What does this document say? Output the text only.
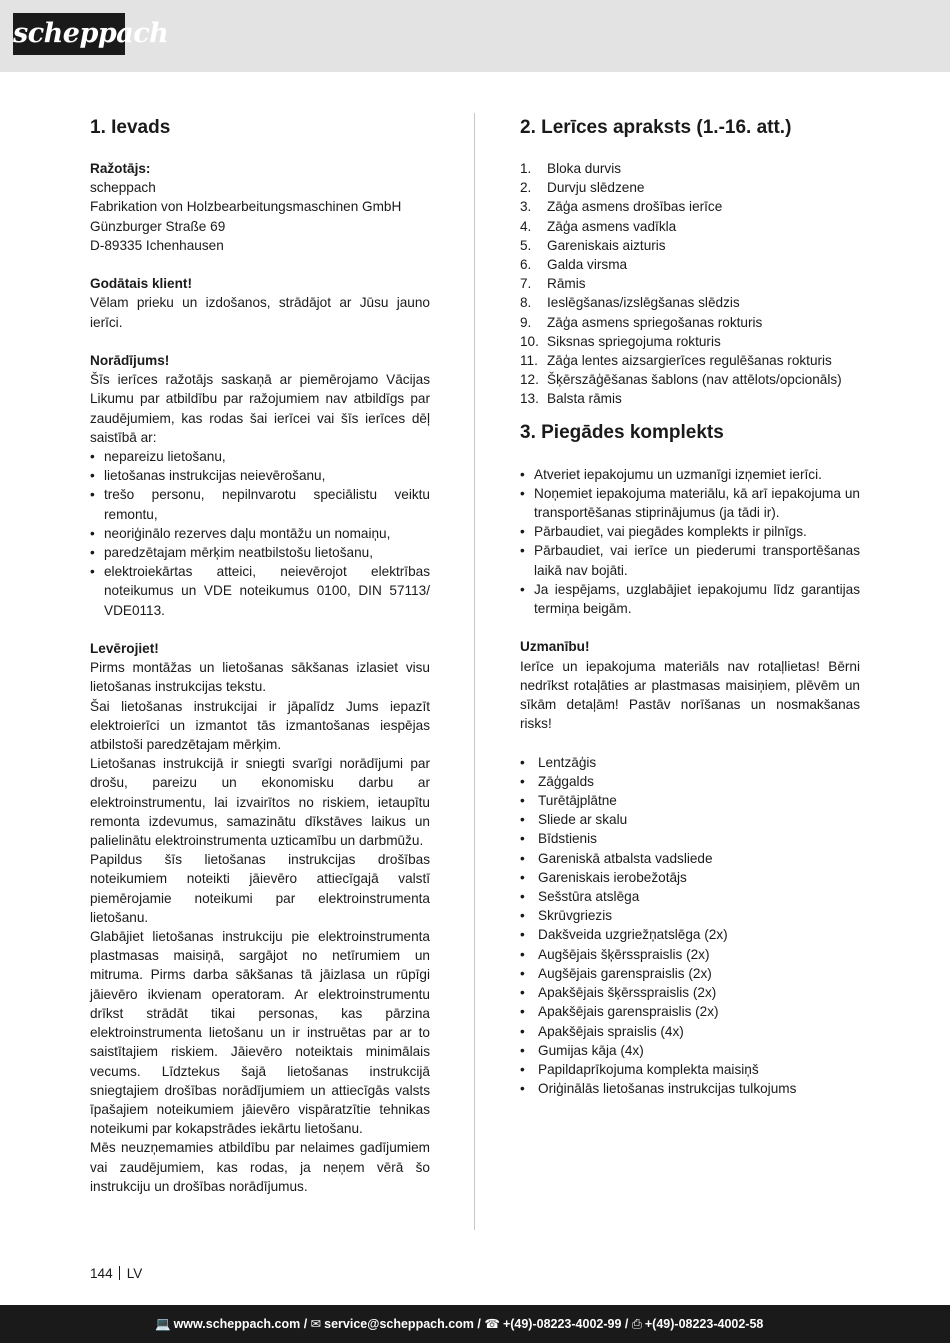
scheppach
1. Ievads

Ražotājs:

scheppach

Fabrikation von Holzbearbeitungsmaschinen GmbH

Günzburger Straße 69

D-89335 Ichenhausen

Godātais klient!

Vēlam prieku un izdošanos, strādājot ar Jūsu jauno ierīci.

Norādījums!

Šīs ierīces ražotājs saskaņā ar piemērojamo Vācijas Likumu par atbildību par ražojumiem nav atbildīgs par zaudējumiem, kas rodas šai ierīcei vai šīs ierīces dēļ saistībā ar:

• nepareizu lietošanu,
• lietošanas instrukcijas neievērošanu,
• trešo personu, nepilnvarotu speciālistu veiktu remontu,
• neoriģinālo rezerves daļu montāžu un nomaiņu,
• paredzētajam mērķim neatbilstošu lietošanu,
• elektroiekārtas atteici, neievērojot elektrības noteikumus un VDE noteikumus 0100, DIN 57113/ VDE0113.

Levērojiet!

Pirms montāžas un lietošanas sākšanas izlasiet visu lietošanas instrukcijas tekstu.

Šai lietošanas instrukcijai ir jāpalīdz Jums iepazīt elektroierīci un izmantot tās izmantošanas iespējas atbilstoši paredzētajam mērķim.

Lietošanas instrukcijā ir sniegti svarīgi norādījumi par drošu, pareizu un ekonomisku darbu ar elektroinstrumentu, lai izvairītos no riskiem, ietaupītu remonta izdevumus, samazinātu dīkstāves laikus un palielinātu elektroinstrumenta uzticamību un darbmūžu.

Papildus šīs lietošanas instrukcijas drošības noteikumiem noteikti jāievēro attiecīgajā valstī piemērojamie noteikumi par elektroinstrumenta lietošanu.

Glabājiet lietošanas instrukciju pie elektroinstrumenta plastmasas maisiņā, sargājot no netīrumiem un mitruma. Pirms darba sākšanas tā jāizlasa un rūpīgi jāievēro ikvienam operatoram. Ar elektroinstrumentu drīkst strādāt tikai personas, kas pārzina elektroinstrumenta lietošanu un ir instruētas par ar to saistītajiem riskiem. Jāievēro noteiktais minimālais vecums. Līdztekus šajā lietošanas instrukcijā sniegtajiem drošības norādījumiem un attiecīgās valsts īpašajiem noteikumiem jāievēro vispāratzītie tehnikas noteikumi par kokapstrādes iekārtu lietošanu.

Mēs neuzņemamies atbildību par nelaimes gadījumiem vai zaudējumiem, kas rodas, ja neņem vērā šo instrukciju un drošības norādījumus.

2. Lerīces apraksts (1.-16. att.)
1. Bloka durvis
2. Durvju slēdzene
3. Zāģa asmens drošības ierīce
4. Zāģa asmens vadīkla
5. Gareniskais aizturis
6. Galda virsma
7. Rāmis
8. Ieslēgšanas/izslēgšanas slēdzis
9. Zāģa asmens spriegošanas rokturis
10. Siksnas spriegojuma rokturis
11. Zāģa lentes aizsargierīces regulēšanas rokturis
12. Šķērszāģēšanas šablons (nav attēlots/opcionāls)
13. Balsta rāmis
3. Piegādes komplekts
• Atveriet iepakojumu un uzmanīgi izņemiet ierīci.
• Noņemiet iepakojuma materiālu, kā arī iepakojuma un transportēšanas stiprinājumus (ja tādi ir).
• Pārbaudiet, vai piegādes komplekts ir pilnīgs.
• Pārbaudiet, vai ierīce un piederumi transportēšanas laikā nav bojāti.
• Ja iespējams, uzglabājiet iepakojumu līdz garantijas termiņa beigām.

Uzmanību!

Ierīce un iepakojuma materiāls nav rotaļlietas! Bērni nedrīkst rotaļāties ar plastmasas maisiņiem, plēvēm un sīkām detaļām! Pastāv norīšanas un nosmakšanas risks!

• Lentzāģis
• Zāģgalds
• Turētājplātne
• Sliede ar skalu
• Bīdstienis
• Gareniskā atbalsta vadsliede
• Gareniskais ierobežotājs
• Sešstūra atslēga
• Skrūvgriezis
• Dakšveida uzgriežņatslēga (2x)
• Augšējais šķērsspraislis (2x)
• Augšējais garenspraislis (2x)
• Apakšējais šķērsspraislis (2x)
• Apakšējais garenspraislis (2x)
• Apakšējais spraislis (4x)
• Gumijas kāja (4x)
• Papildaprīkojuma komplekta maisiņš
• Oriģinālās lietošanas instrukcijas tulkojums
144 LV
💻 www.scheppach.com / ✉ service@scheppach.com / ☎ +(49)-08223-4002-99 / ⎙ +(49)-08223-4002-58
